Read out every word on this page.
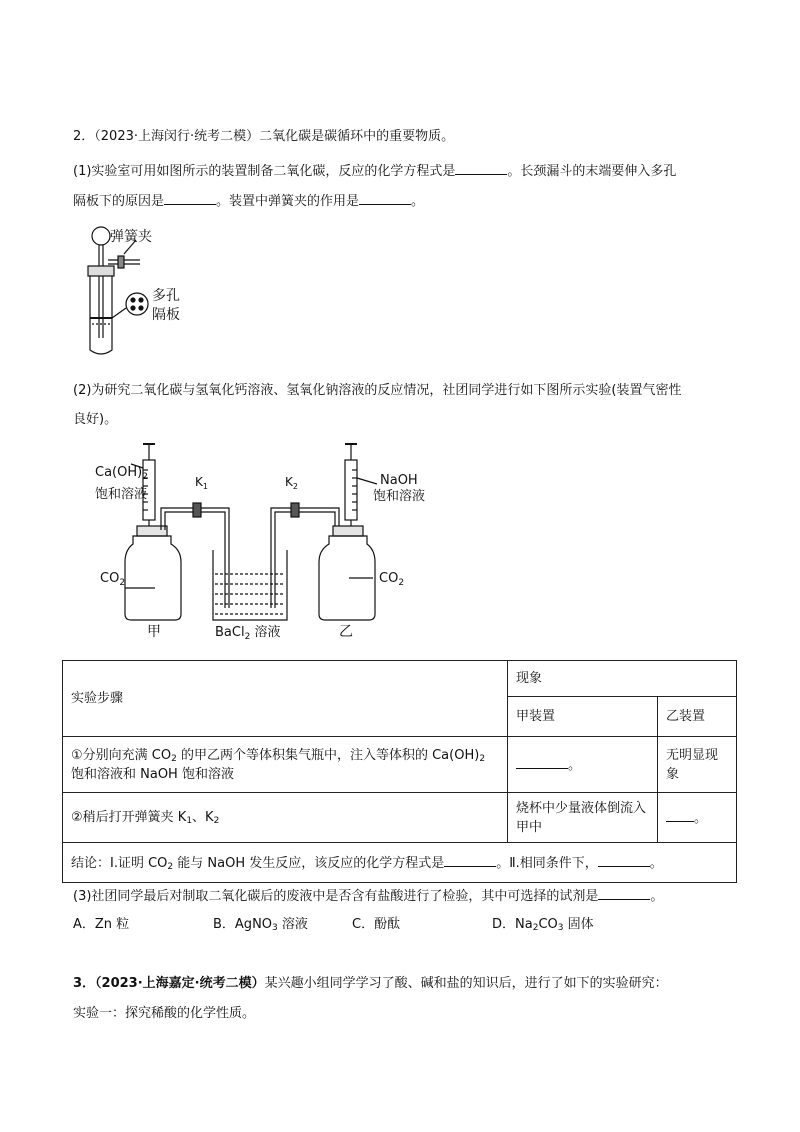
2．（2023·上海闵行·统考二模）二氧化碳是碳循环中的重要物质。
(1)实验室可用如图所示的装置制备二氧化碳，反应的化学方程式是	。长颈漏斗的末端要伸入多孔
隔板下的原因是	。装置中弹簧夹的作用是	。
弹簧夹
多孔
隔板
(2)为研究二氧化碳与氢氧化钙溶液、氢氧化钠溶液的反应情况，社团同学进行如下图所示实验(装置气密性
良好)。
$Ca(OH)_2$
饱和溶液
NaOH
饱和溶液
$K_1$	$K_2$
$CO_2$	$CO_2$
甲	乙
BaCl$_2$ 溶液
实验步骤	现象	
	甲装置	乙装置
①分别向充满 $CO_2$ 的甲乙两个等体积集气瓶中，注入等体积的 $Ca(OH)_2$
饱和溶液和 NaOH 饱和溶液	。	无明显现象
②稍后打开弹簧夹 $K_1$、$K_2$	烧杯中少量液体倒流入甲中	。
结论：Ⅰ.证明 $CO_2$ 能与 NaOH 发生反应，该反应的化学方程式是 。Ⅱ.相同条件下， 。		
(3)社团同学最后对制取二氧化碳后的废液中是否含有盐酸进行了检验，其中可选择的试剂是	。
A．Zn 粒	B．AgNO$_3$ 溶液	C．酚酞	D．$Na_2CO_3$ 固体
3．（2023·上海嘉定·统考二模）某兴趣小组同学学习了酸、碱和盐的知识后，进行了如下的实验研究：
实验一：探究稀酸的化学性质。
